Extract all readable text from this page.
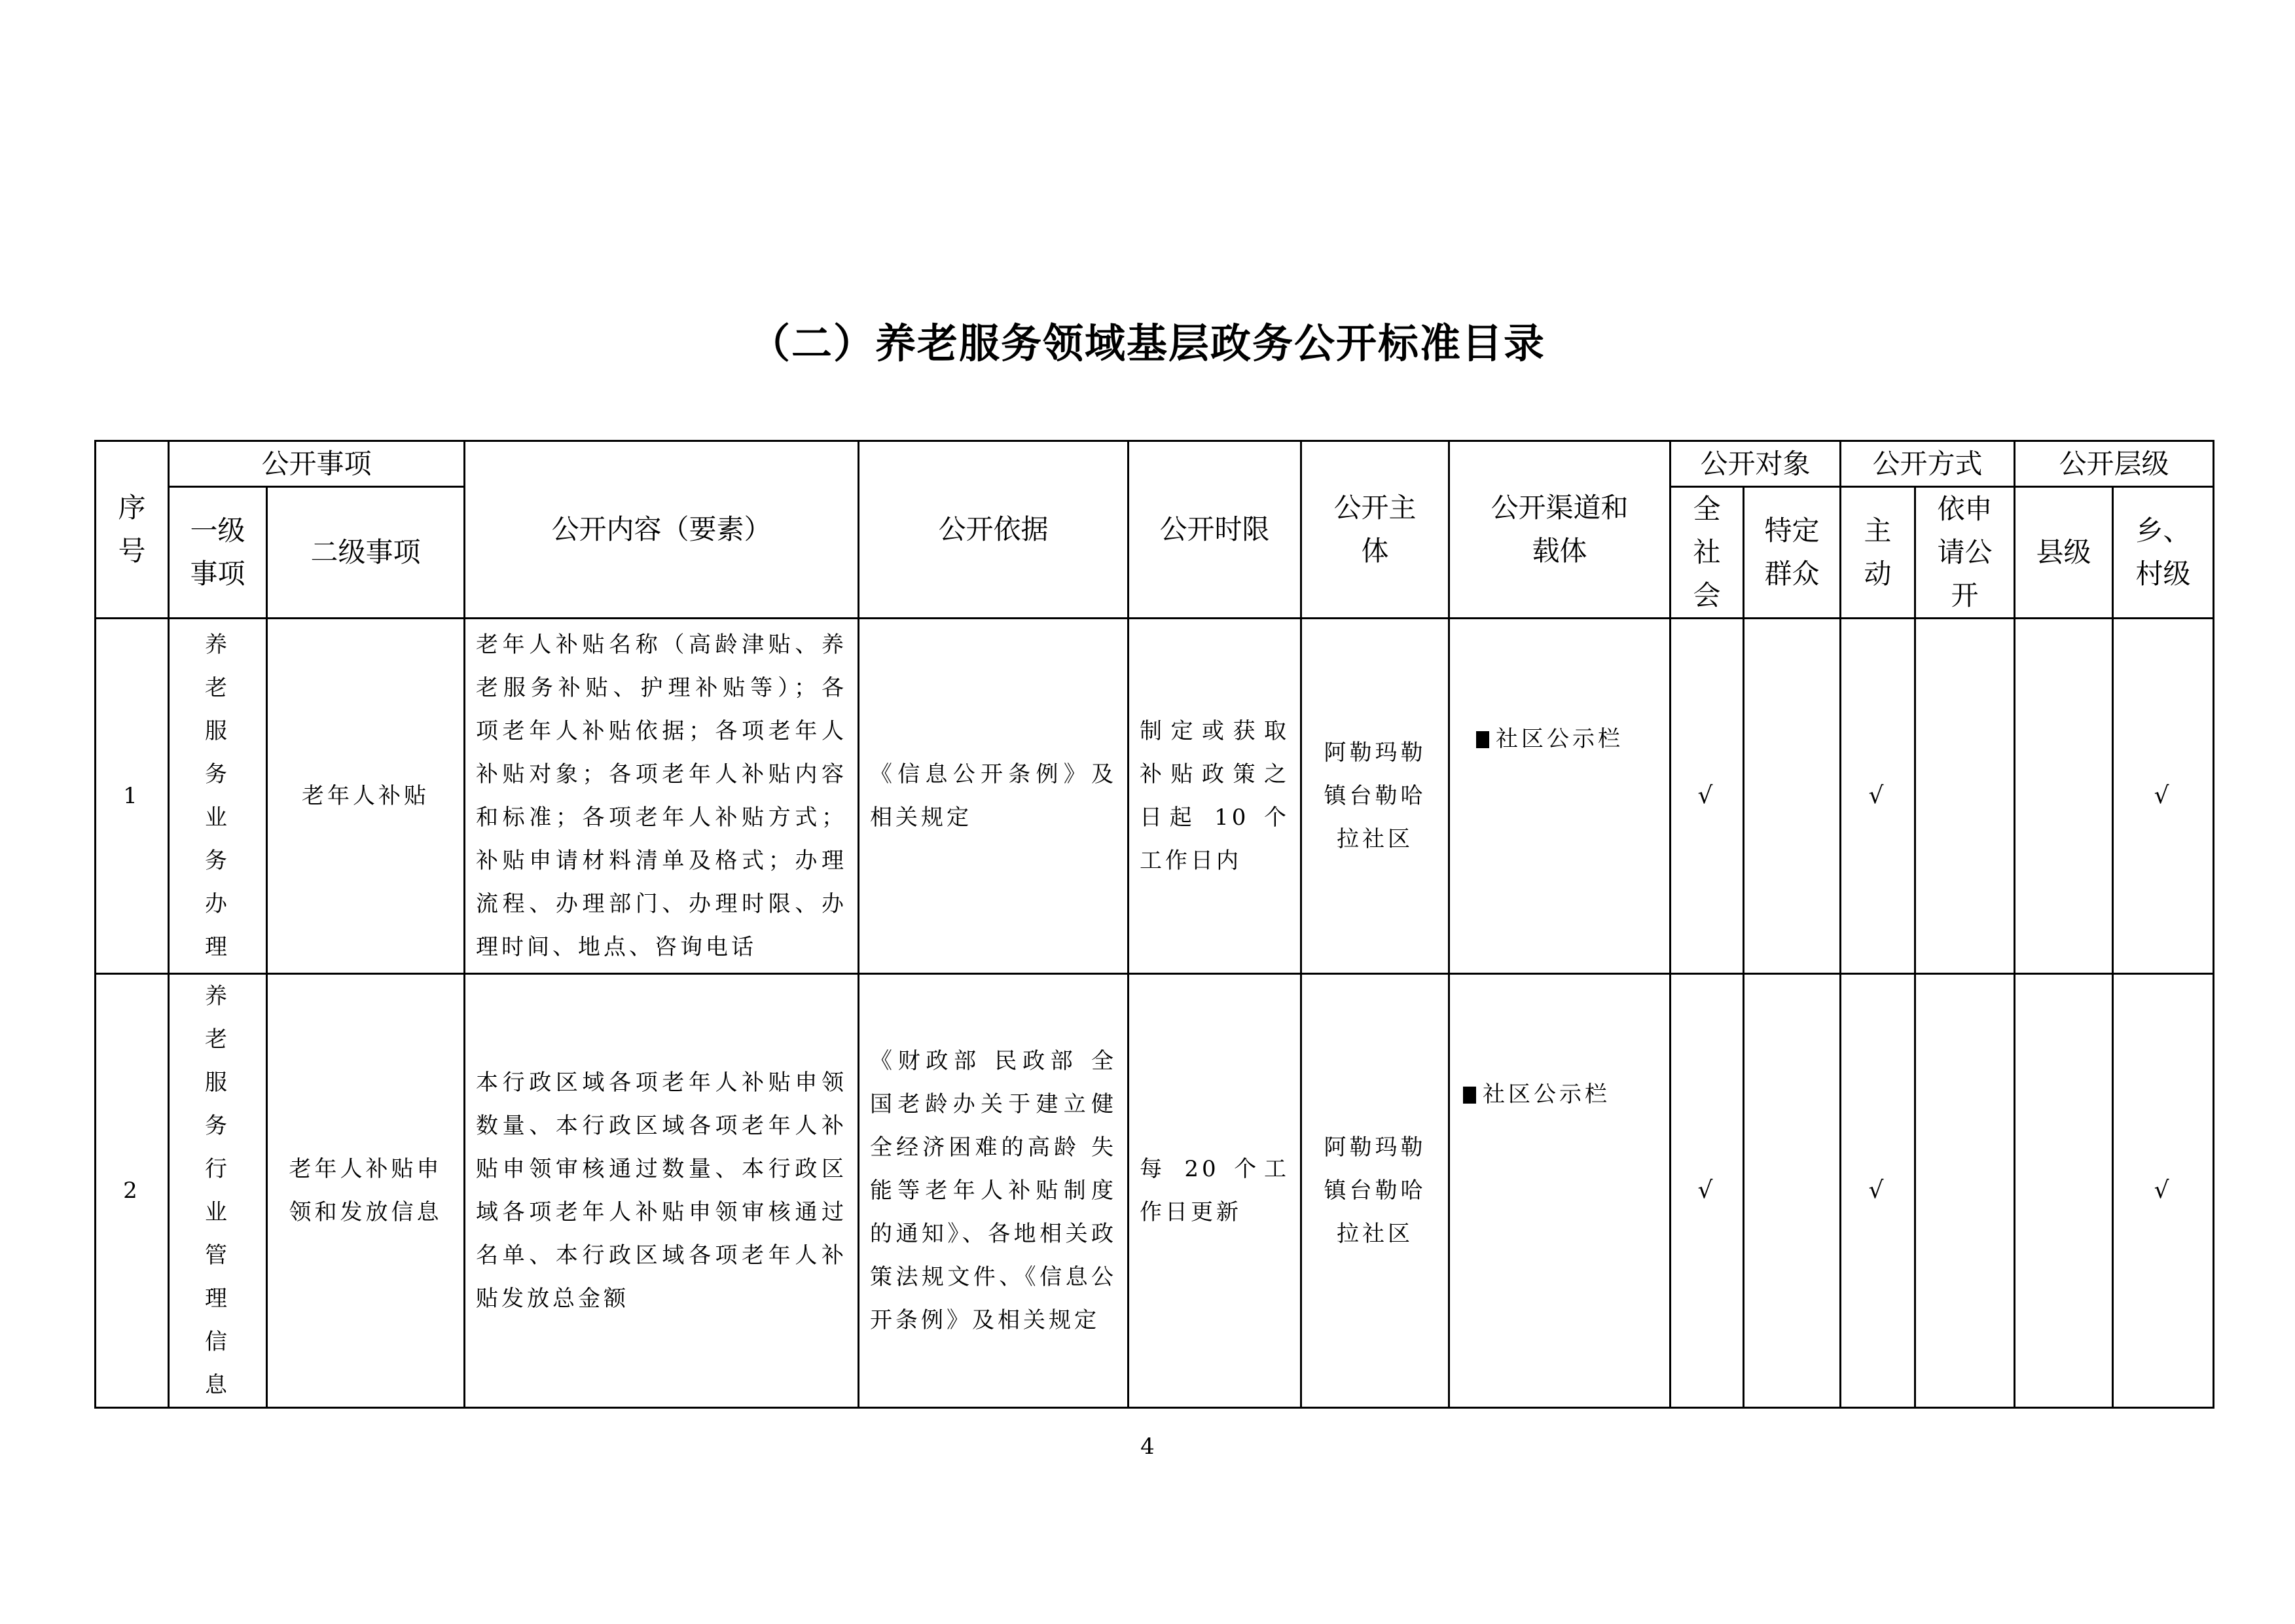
（二）养老服务领域基层政务公开标准目录
序号	公开事项		公开内容（要素）	公开依据	公开时限	公开主体	公开渠道和载体	公开对象		公开方式		公开层级	
	一级事项	二级事项						全社会	特定群众	主动	依申请公开	县级	乡、村级
1	养老服务业务办理	老年人补贴	老年人补贴名称（高龄津贴、养老服务补贴、护理补贴等）；各项老年人补贴依据；各项老年人补贴对象；各项老年人补贴内容和标准；各项老年人补贴方式；补贴申请材料清单及格式；办理流程、办理部门、办理时限、办理时间、地点、咨询电话	《信息公开条例》及相关规定	制定或获取补贴政策之日起 10 个工作日内	阿勒玛勒镇台勒哈拉社区	社区公示栏	√		√			√
2	养老服务行业管理信息	老年人补贴申领和发放信息	本行政区域各项老年人补贴申领数量、本行政区域各项老年人补贴申领审核通过数量、本行政区域各项老年人补贴申领审核通过名单、本行政区域各项老年人补贴发放总金额	《财政部 民政部 全国老龄办关于建立健全经济困难的高龄 失能等老年人补贴制度的通知》、各地相关政策法规文件、《信息公开条例》及相关规定	每 20 个工作日更新	阿勒玛勒镇台勒哈拉社区	社区公示栏	√		√			√
4
